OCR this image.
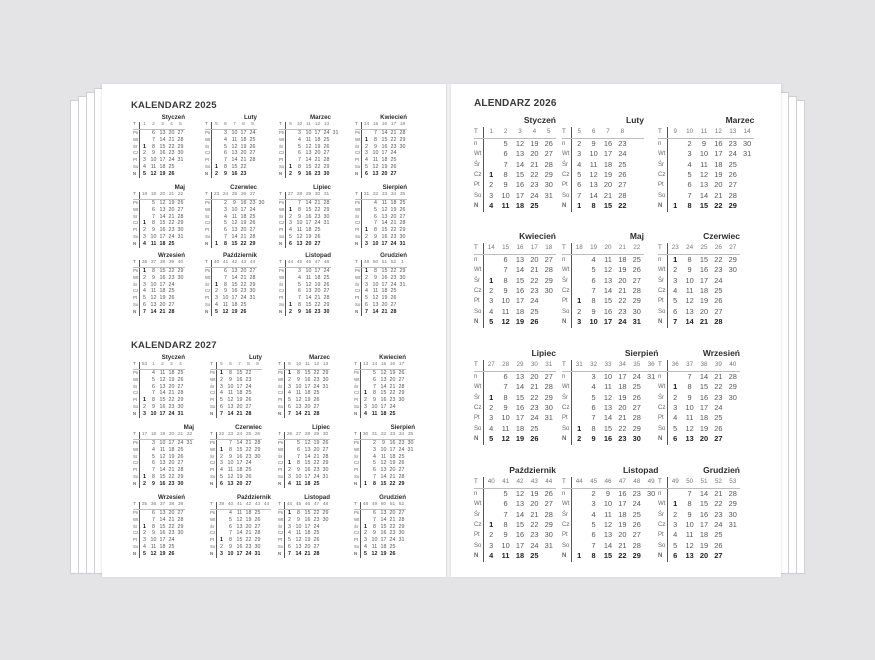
KALENDARZ 2025
Styczeń
T 1 2 3 4 5
Pn	6 13 20 27
Wt	7 14 21 28
Śr 1 8 15 22 29
Cz 2 9 16 23 30
Pt 3 10 17 24 31
So 4 11 18 25
N 5 12 19 26
Luty
T 5 6 7 8 9
Pn	3 10 17 24
Wt	4 11 18 25
Śr	5 12 19 26
Cz	6 13 20 27
Pt	7 14 21 28
So 1 8 15 22
N 2 9 16 23
Marzec
T 9 10 11 12 13
Pn	3 10 17 24 31
Wt	4 11 18 25
Śr	5 12 19 26
Cz	6 13 20 27
Pt	7 14 21 28
So 1 8 15 22 29
N 2 9 16 23 30
Kwiecień
T 14 15 16 17 18
Pn	7 14 21 28
Wt 1 8 15 22 29
Śr 2 9 16 23 30
Cz 3 10 17 24
Pt 4 11 18 25
So 5 12 19 26
N 6 13 20 27
Maj
T 18 19 20 21 22
Pn	5 12 19 26
Wt	6 13 20 27
Śr	7 14 21 28
Cz 1 8 15 22 29
Pt 2 9 16 23 30
So 3 10 17 24 31
N 4 11 18 25
Czerwiec
T 23 24 25 26 27
Pn	2 9 16 23 30
Wt	3 10 17 24
Śr	4 11 18 25
Cz	5 12 19 26
Pt	6 13 20 27
So	7 14 21 28
N 1 8 15 22 29
Lipiec
T 27 28 29 30 31
Pn	7 14 21 28
Wt 1 8 15 22 29
Śr 2 9 16 23 30
Cz 3 10 17 24 31
Pt 4 11 18 25
So 5 12 19 26
N 6 13 20 27
Sierpień
T 31 32 33 34 35
Pn	4 11 18 25
Wt	5 12 19 26
Śr	6 13 20 27
Cz	7 14 21 28
Pt 1 8 15 22 29
So 2 9 16 23 30
N 3 10 17 24 31
Wrzesień
T 36 37 38 39 40
Pn 1 8 15 22 29
Wt 2 9 16 23 30
Śr 3 10 17 24
Cz 4 11 18 25
Pt 5 12 19 26
So 6 13 20 27
N 7 14 21 28
Październik
T 40 41 42 43 44
Pn	6 13 20 27
Wt	7 14 21 28
Śr 1 8 15 22 29
Cz 2 9 16 23 30
Pt 3 10 17 24 31
So 4 11 18 25
N 5 12 19 26
Listopad
T 44 45 46 47 48
Pn	3 10 17 24
Wt	4 11 18 25
Śr	5 12 19 26
Cz	6 13 20 27
Pt	7 14 21 28
So 1 8 15 22 29
N 2 9 16 23 30
Grudzień
T 49 50 51 52 1
Pn 1 8 15 22 29
Wt 2 9 16 23 30
Śr 3 10 17 24 31
Cz 4 11 18 25
Pt 5 12 19 26
So 6 13 20 27
N 7 14 21 28
KALENDARZ 2027
Styczeń
T 53 1 2 3 4
Pn	4 11 18 25
Wt	5 12 19 26
Śr	6 13 20 27
Cz	7 14 21 28
Pt 1 8 15 22 29
So 2 9 16 23 30
N 3 10 17 24 31
Luty
T 5 6 7 8 9
Pn 1 8 15 22
Wt 2 9 16 23
Śr 3 10 17 24
Cz 4 11 18 25
Pt 5 12 19 26
So 6 13 20 27
N 7 14 21 28
Marzec
T 9 10 11 12 13
Pn 1 8 15 22 29
Wt 2 9 16 23 30
Śr 3 10 17 24 31
Cz 4 11 18 25
Pt 5 12 19 26
So 6 13 20 27
N 7 14 21 28
Kwiecień
T 13 14 15 16 17
Pn	5 12 19 26
Wt	6 13 20 27
Śr	7 14 21 28
Cz 1 8 15 22 29
Pt 2 9 16 23 30
So 3 10 17 24
N 4 11 18 25
Maj
T 17 18 19 20 21 22
Pn	3 10 17 24 31
Wt	4 11 18 25
Śr	5 12 19 26
Cz	6 13 20 27
Pt	7 14 21 28
So 1 8 15 22 29
N 2 9 16 23 30
Czerwiec
T 22 23 24 25 26
Pn	7 14 21 28
Wt 1 8 15 22 29
Śr 2 9 16 23 30
Cz 3 10 17 24
Pt 4 11 18 25
So 5 12 19 26
N 6 13 20 27
Lipiec
T 26 27 28 29 30
Pn	5 12 19 26
Wt	6 13 20 27
Śr	7 14 21 28
Cz 1 8 15 22 29
Pt 2 9 16 23 30
So 3 10 17 24 31
N 4 11 18 25
Sierpień
T 30 31 32 33 34 35
Pn	2 9 16 23 30
Wt	3 10 17 24 31
Śr	4 11 18 25
Cz	5 12 19 26
Pt	6 13 20 27
So	7 14 21 28
N 1 8 15 22 29
Wrzesień
T 35 36 37 38 39
Pn	6 13 20 27
Wt	7 14 21 28
Śr 1 8 15 22 29
Cz 2 9 16 23 30
Pt 3 10 17 24
So 4 11 18 25
N 5 12 19 26
Październik
T 39 40 41 42 43 44
Pn	4 11 18 25
Wt	5 12 19 26
Śr	6 13 20 27
Cz	7 14 21 28
Pt 1 8 15 22 29
So 2 9 16 23 30
N 3 10 17 24 31
Listopad
T 44 45 46 47 48
Pn 1 8 15 22 29
Wt 2 9 16 23 30
Śr 3 10 17 24
Cz 4 11 18 25
Pt 5 12 19 26
So 6 13 20 27
N 7 14 21 28
Grudzień
T 48 49 50 51 52
Pn	6 13 20 27
Wt	7 14 21 28
Śr 1 8 15 22 29
Cz 2 9 16 23 30
Pt 3 10 17 24 31
So 4 11 18 25
N 5 12 19 26
ALENDARZ 2026
Styczeń
T 1 2 3 4 5
n	5 12 19 26
Wt	6 13 20 27
Śr	7 14 21 28
Cz 1 8 15 22 29
Pt 2 9 16 23 30
So 3 10 17 24 31
N 4 11 18 25
Luty
T 5 6 7 8
n 2 9 16 23
Wt 3 10 17 24
Śr 4 11 18 25
Cz 5 12 19 26
Pt 6 13 20 27
So 7 14 21 28
N 1 8 15 22
Marzec
T 9 10 11 12 13 14
n	2 9 16 23 30
Wt	3 10 17 24 31
Śr	4 11 18 25
Cz	5 12 19 26
Pt	6 13 20 27
So	7 14 21 28
N 1 8 15 22 29
Kwiecień
T 14 15 16 17 18
n	6 13 20 27
Wt	7 14 21 28
Śr 1 8 15 22 29
Cz 2 9 16 23 30
Pt 3 10 17 24
So 4 11 18 25
N 5 12 19 26
Maj
T 18 19 20 21 22
n	4 11 18 25
Wt	5 12 19 26
Śr	6 13 20 27
Cz	7 14 21 28
Pt 1 8 15 22 29
So 2 9 16 23 30
N 3 10 17 24 31
Czerwiec
T 23 24 25 26 27
n 1 8 15 22 29
Wt 2 9 16 23 30
Śr 3 10 17 24
Cz 4 11 18 25
Pt 5 12 19 26
So 6 13 20 27
N 7 14 21 28
Lipiec
T 27 28 29 30 31
n	6 13 20 27
Wt	7 14 21 28
Śr 1 8 15 22 29
Cz 2 9 16 23 30
Pt 3 10 17 24 31
So 4 11 18 25
N 5 12 19 26
Sierpień
T 31 32 33 34 35 36
n	3 10 17 24 31
Wt	4 11 18 25
Śr	5 12 19 26
Cz	6 13 20 27
Pt	7 14 21 28
So 1 8 15 22 29
N 2 9 16 23 30
Wrzesień
T 36 37 38 39 40
n	7 14 21 28
Wt 1 8 15 22 29
Śr 2 9 16 23 30
Cz 3 10 17 24
Pt 4 11 18 25
So 5 12 19 26
N 6 13 20 27
Październik
T 40 41 42 43 44
n	5 12 19 26
Wt	6 13 20 27
Śr	7 14 21 28
Cz 1 8 15 22 29
Pt 2 9 16 23 30
So 3 10 17 24 31
N 4 11 18 25
Listopad
T 44 45 46 47 48 49
n	2 9 16 23 30
Wt	3 10 17 24
Śr	4 11 18 25
Cz	5 12 19 26
Pt	6 13 20 27
So	7 14 21 28
N 1 8 15 22 29
Grudzień
T 49 50 51 52 53
n	7 14 21 28
Wt 1 8 15 22 29
Śr 2 9 16 23 30
Cz 3 10 17 24 31
Pt 4 11 18 25
So 5 12 19 26
N 6 13 20 27
